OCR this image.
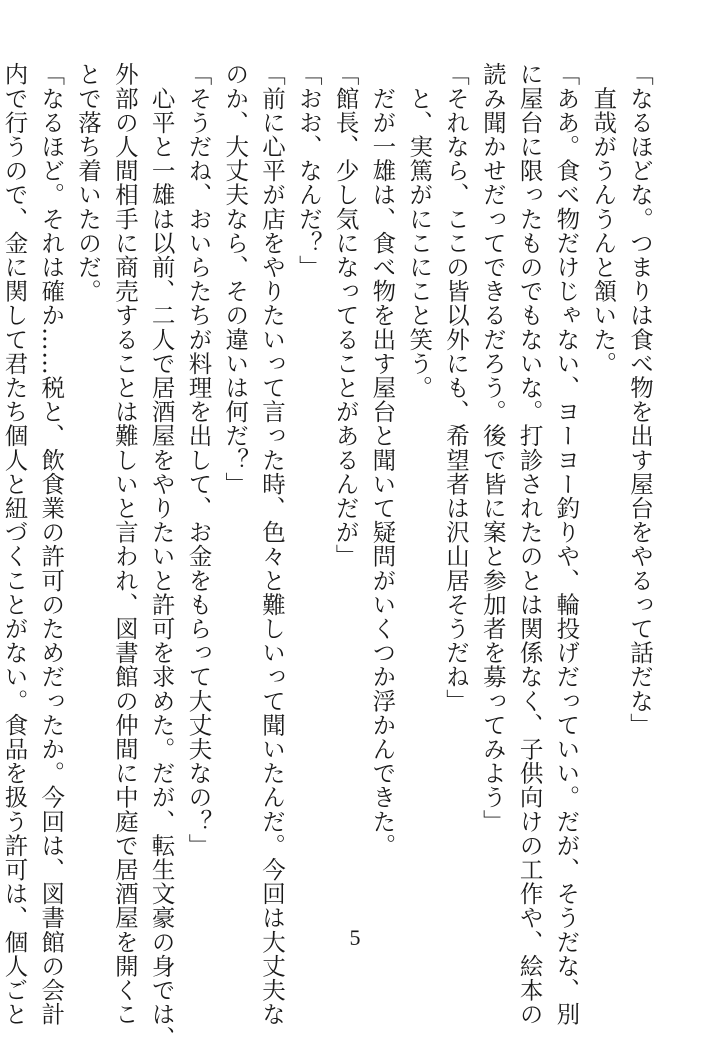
「なるほどな。つまりは食べ物を出す屋台をやるって話だな」

　直哉がうんうんと頷いた。

「ああ。食べ物だけじゃない、ヨーヨー釣りや、輪投げだっていい。だが、そうだな、別

に屋台に限ったものでもないな。打診されたのとは関係なく、子供向けの工作や、絵本の

読み聞かせだってできるだろう。後で皆に案と参加者を募ってみよう」

「それなら、ここの皆以外にも、希望者は沢山居そうだね」

　と、実篤がにこにこと笑う。

　だが一雄は、食べ物を出す屋台と聞いて疑問がいくつか浮かんできた。

「館長、少し気になってることがあるんだが」

「おお、なんだ？」

「前に心平が店をやりたいって言った時、色々と難しいって聞いたんだ。今回は大丈夫な

のか、大丈夫なら、その違いは何だ？」

「そうだね、おいらたちが料理を出して、お金をもらって大丈夫なの？」

　心平と一雄は以前、二人で居酒屋をやりたいと許可を求めた。だが、転生文豪の身では、

外部の人間相手に商売することは難しいと言われ、図書館の仲間に中庭で居酒屋を開くこ

とで落ち着いたのだ。

「なるほど。それは確か……税と、飲食業の許可のためだったか。今回は、図書館の会計

内で行うので、金に関して君たち個人と紐づくことがない。食品を扱う許可は、個人ごと	5
